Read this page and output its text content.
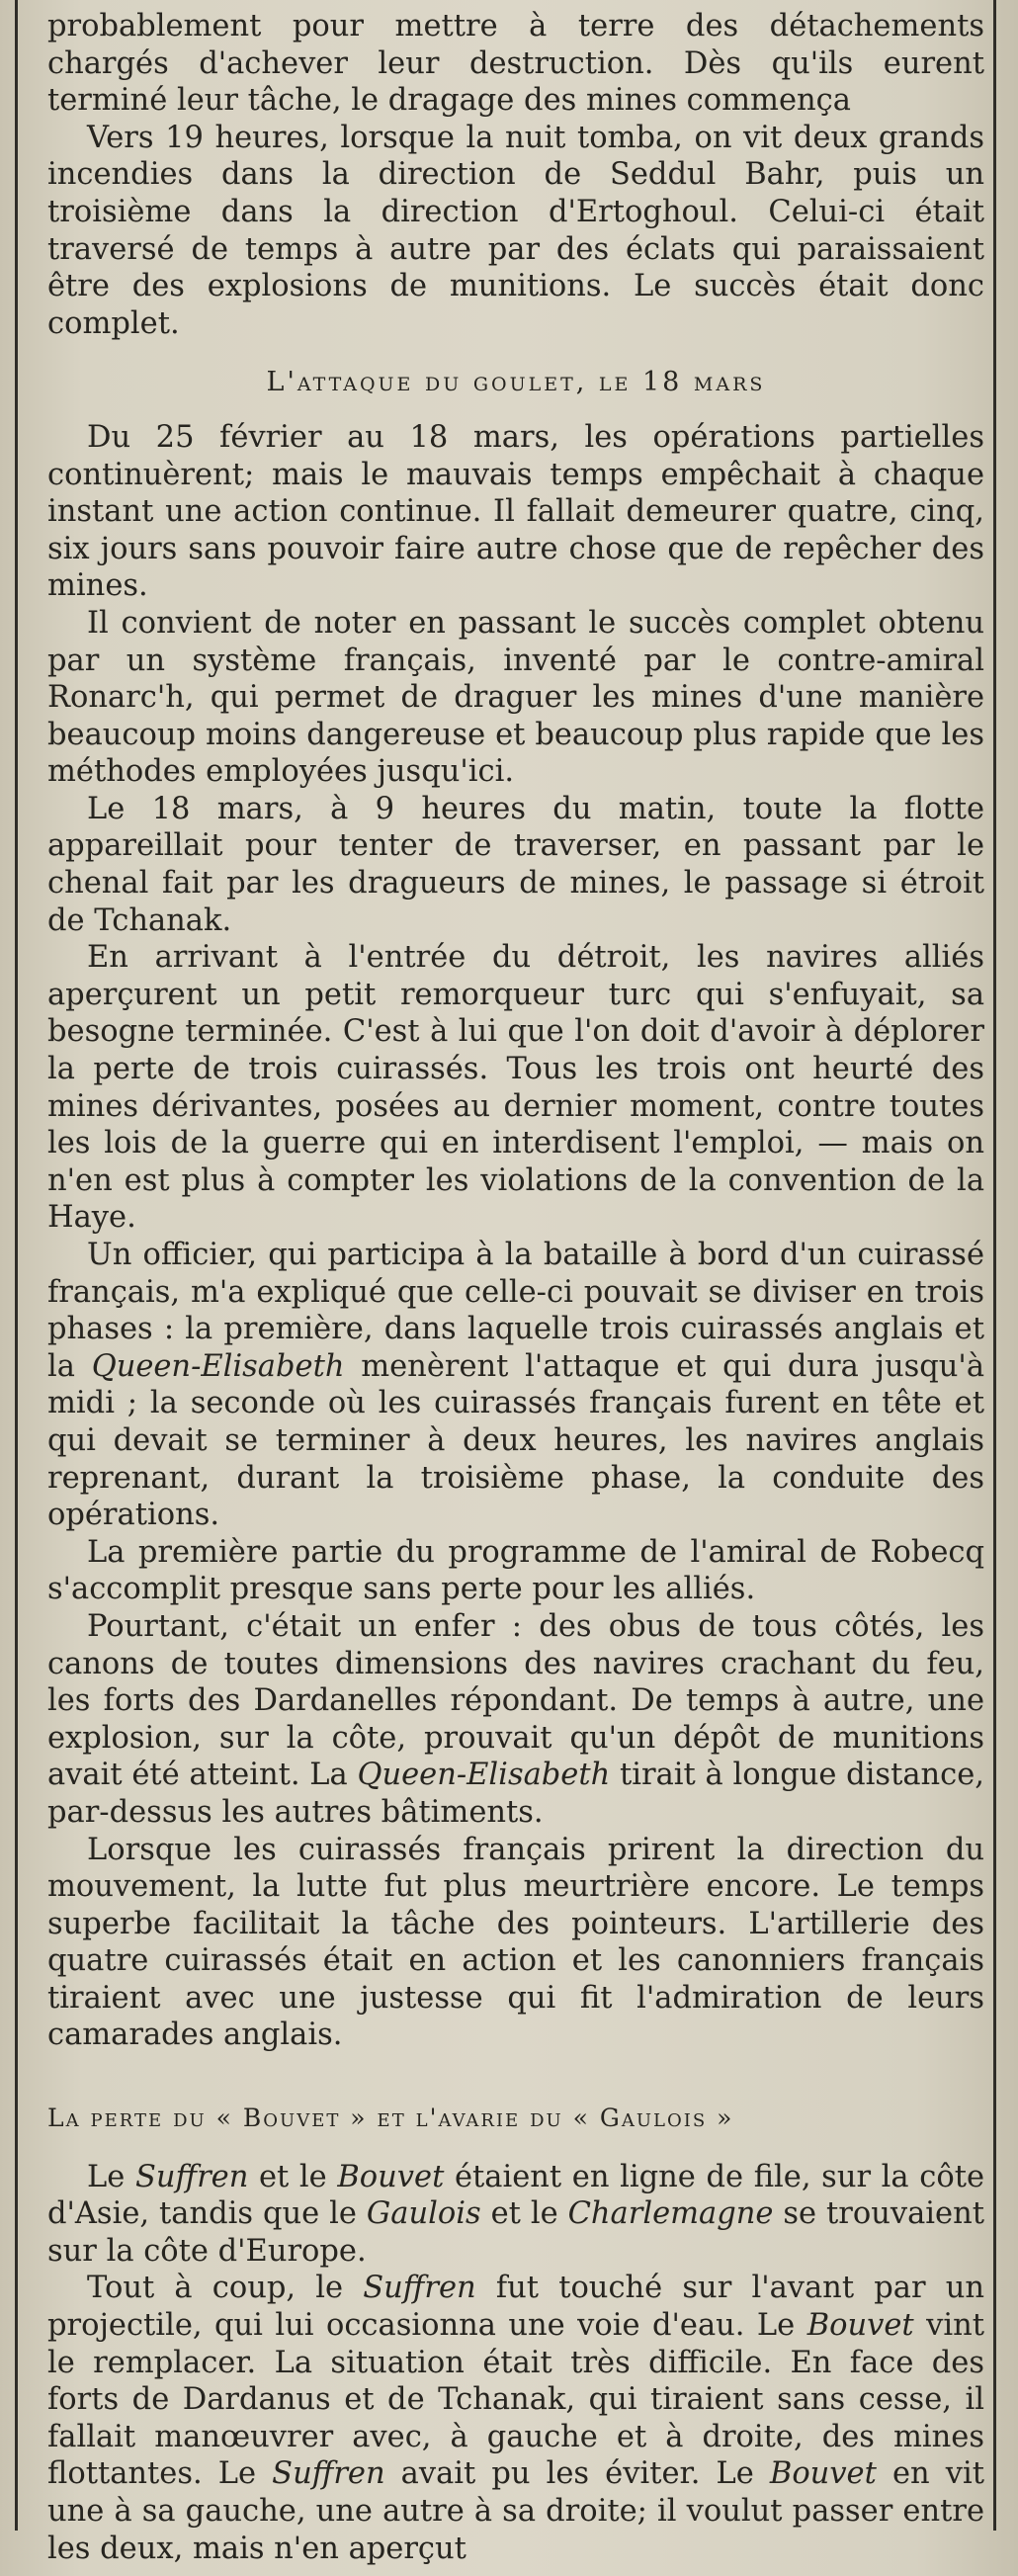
probablement pour mettre à terre des détachements chargés d'achever leur destruction. Dès qu'ils eurent terminé leur tâche, le dragage des mines commença

Vers 19 heures, lorsque la nuit tomba, on vit deux grands incendies dans la direction de Seddul Bahr, puis un troisième dans la direction d'Ertoghoul. Celui-ci était traversé de temps à autre par des éclats qui paraissaient être des explosions de munitions. Le succès était donc complet.

L'attaque du goulet, le 18 mars

Du 25 février au 18 mars, les opérations partielles continuèrent; mais le mauvais temps empêchait à chaque instant une action continue. Il fallait demeurer quatre, cinq, six jours sans pouvoir faire autre chose que de repêcher des mines.

Il convient de noter en passant le succès complet obtenu par un système français, inventé par le contre-amiral Ronarc'h, qui permet de draguer les mines d'une manière beaucoup moins dangereuse et beaucoup plus rapide que les méthodes employées jusqu'ici.

Le 18 mars, à 9 heures du matin, toute la flotte appareillait pour tenter de traverser, en passant par le chenal fait par les dragueurs de mines, le passage si étroit de Tchanak.

En arrivant à l'entrée du détroit, les navires alliés aperçurent un petit remorqueur turc qui s'enfuyait, sa besogne terminée. C'est à lui que l'on doit d'avoir à déplorer la perte de trois cuirassés. Tous les trois ont heurté des mines dérivantes, posées au dernier moment, contre toutes les lois de la guerre qui en interdisent l'emploi, — mais on n'en est plus à compter les violations de la convention de la Haye.

Un officier, qui participa à la bataille à bord d'un cuirassé français, m'a expliqué que celle-ci pouvait se diviser en trois phases : la première, dans laquelle trois cuirassés anglais et la Queen-Elisabeth menèrent l'attaque et qui dura jusqu'à midi ; la seconde où les cuirassés français furent en tête et qui devait se terminer à deux heures, les navires anglais reprenant, durant la troisième phase, la conduite des opérations.

La première partie du programme de l'amiral de Robecq s'accomplit presque sans perte pour les alliés.

Pourtant, c'était un enfer : des obus de tous côtés, les canons de toutes dimensions des navires crachant du feu, les forts des Dardanelles répondant. De temps à autre, une explosion, sur la côte, prouvait qu'un dépôt de munitions avait été atteint. La Queen-Elisabeth tirait à longue distance, par-dessus les autres bâtiments.

Lorsque les cuirassés français prirent la direction du mouvement, la lutte fut plus meurtrière encore. Le temps superbe facilitait la tâche des pointeurs. L'artillerie des quatre cuirassés était en action et les canonniers français tiraient avec une justesse qui fit l'admiration de leurs camarades anglais.

La perte du « Bouvet » et l'avarie du « Gaulois »

Le Suffren et le Bouvet étaient en ligne de file, sur la côte d'Asie, tandis que le Gaulois et le Charlemagne se trouvaient sur la côte d'Europe.

Tout à coup, le Suffren fut touché sur l'avant par un projectile, qui lui occasionna une voie d'eau. Le Bouvet vint le remplacer. La situation était très difficile. En face des forts de Dardanus et de Tchanak, qui tiraient sans cesse, il fallait manœuvrer avec, à gauche et à droite, des mines flottantes. Le Suffren avait pu les éviter. Le Bouvet en vit une à sa gauche, une autre à sa droite; il voulut passer entre les deux, mais n'en aperçut
